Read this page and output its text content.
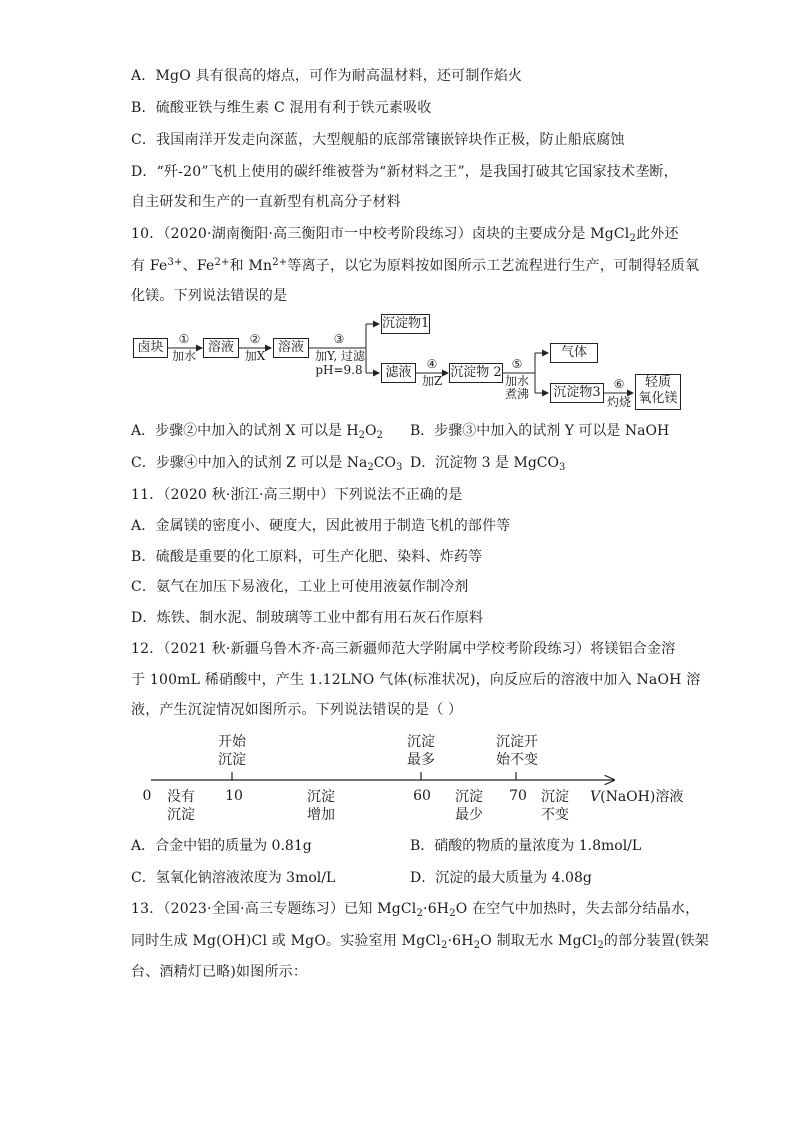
A．MgO 具有很高的熔点，可作为耐高温材料，还可制作焰火
B．硫酸亚铁与维生素 C 混用有利于铁元素吸收
C．我国南洋开发走向深蓝，大型舰船的底部常镶嵌锌块作正极，防止船底腐蚀
D．“歼-20”飞机上使用的碳纤维被誉为“新材料之王”，是我国打破其它国家技术垄断，
自主研发和生产的一直新型有机高分子材料
10．（2020·湖南衡阳·高三衡阳市一中校考阶段练习）卤块的主要成分是 MgCl$_2$此外还
有 $Fe^{3+}$、$Fe^{2+}$和 $Mn^{2+}$等离子，以它为原料按如图所示工艺流程进行生产，可制得轻质氧
化镁。下列说法错误的是
卤块	溶液	溶液
沉淀物1
滤液	沉淀物 2
气体
沉淀物3
轻质
氧化镁
①
加水
②
加X
③
加Y, 过滤
pH=9.8	④
加Z
⑤
加水
煮沸
⑥
灼烧
A．步骤②中加入的试剂 X 可以是 $H_2O_2$ B．步骤③中加入的试剂 Y 可以是 NaOH
C．步骤④中加入的试剂 Z 可以是 $Na_2CO_3$ D．沉淀物 3 是 MgCO$_3$
11．（2020 秋·浙江·高三期中）下列说法不正确的是
A．金属镁的密度小、硬度大，因此被用于制造飞机的部件等
B．硫酸是重要的化工原料，可生产化肥、染料、炸药等
C．氨气在加压下易液化，工业上可使用液氨作制冷剂
D．炼铁、制水泥、制玻璃等工业中都有用石灰石作原料
12．（2021 秋·新疆乌鲁木齐·高三新疆师范大学附属中学校考阶段练习）将镁铝合金溶
于 100mL 稀硝酸中，产生 1.12LNO 气体(标准状况)，向反应后的溶液中加入 NaOH 溶
液，产生沉淀情况如图所示。下列说法错误的是（ ）
开始
沉淀
沉淀
最多
沉淀开
始不变
0	10	60	70
没有
沉淀
沉淀
增加
沉淀
最少
沉淀
不变
V(NaOH)溶液
A．合金中铝的质量为 0.81g	B．硝酸的物质的量浓度为 1.8mol/L
C．氢氧化钠溶液浓度为 3mol/L	D．沉淀的最大质量为 4.08g
13．（2023·全国·高三专题练习）已知 $MgCl_2\cdot 6H_2O$ 在空气中加热时，失去部分结晶水，
同时生成 Mg(OH)Cl 或 MgO。实验室用 $MgCl_2\cdot 6H_2O$ 制取无水 MgCl$_2$的部分装置(铁架
台、酒精灯已略)如图所示：
